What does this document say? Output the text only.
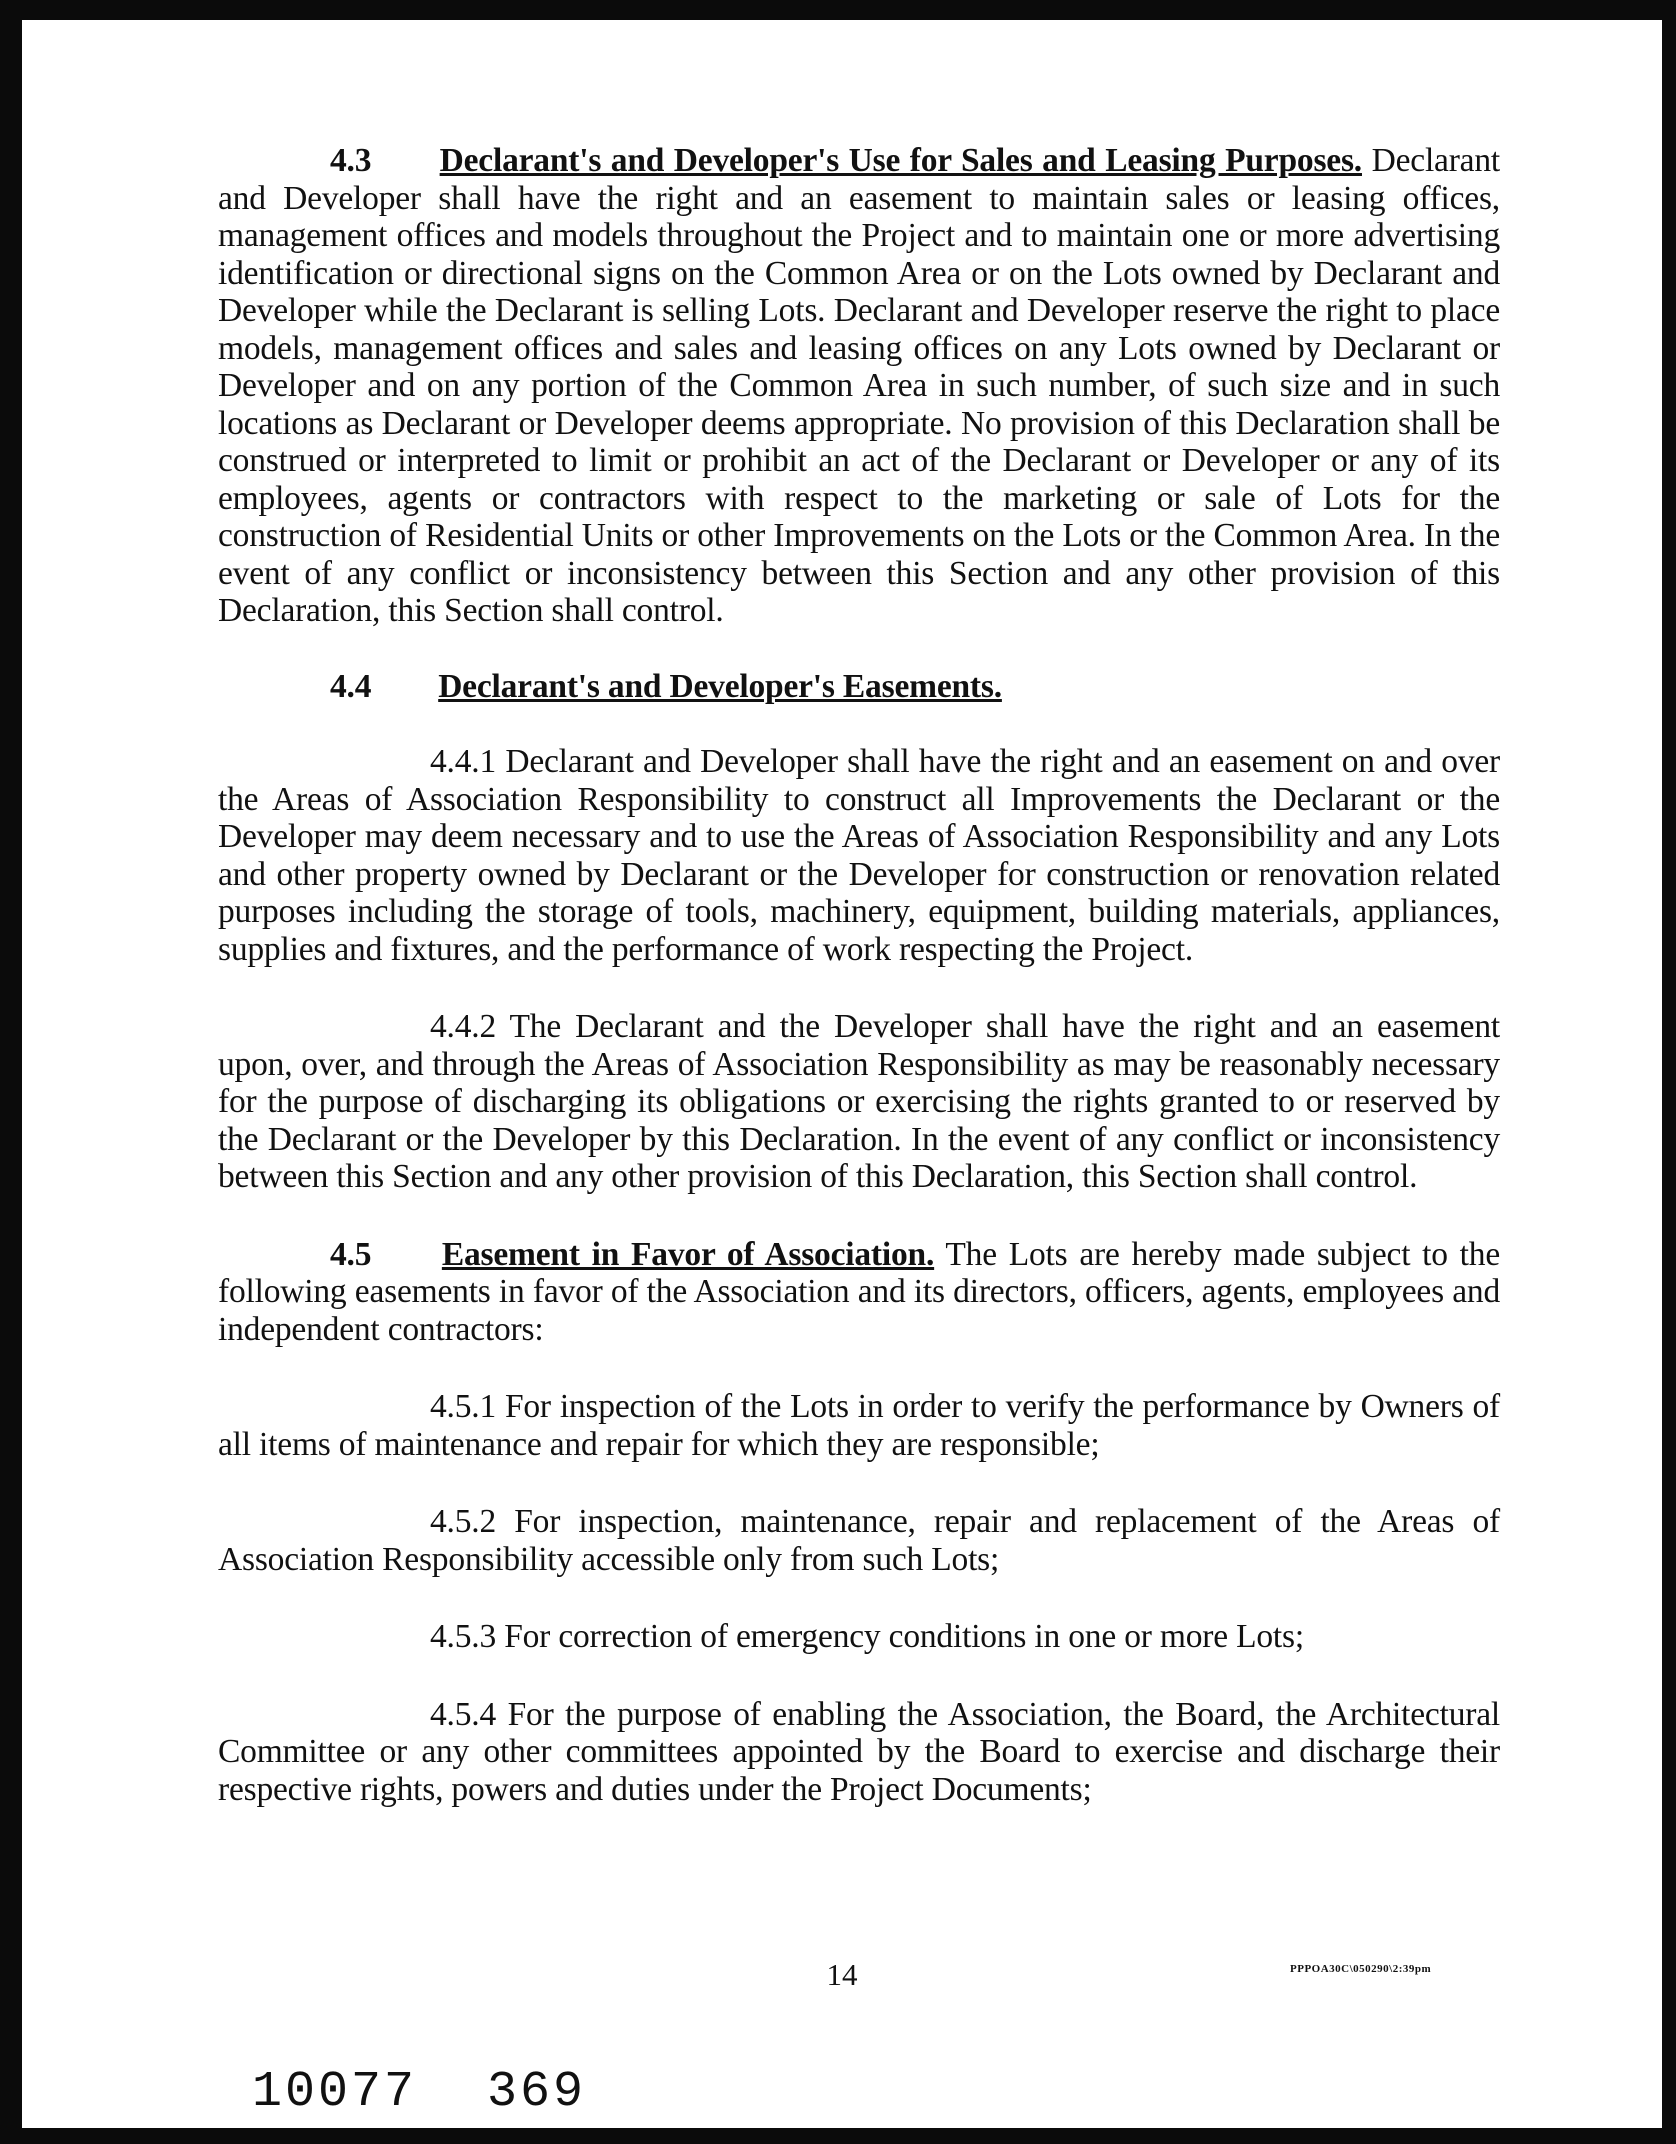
4.3 Declarant's and Developer's Use for Sales and Leasing Purposes. Declarant and Developer shall have the right and an easement to maintain sales or leasing offices, management offices and models throughout the Project and to maintain one or more advertising identification or directional signs on the Common Area or on the Lots owned by Declarant and Developer while the Declarant is selling Lots. Declarant and Developer reserve the right to place models, management offices and sales and leasing offices on any Lots owned by Declarant or Developer and on any portion of the Common Area in such number, of such size and in such locations as Declarant or Developer deems appropriate. No provision of this Declaration shall be construed or interpreted to limit or prohibit an act of the Declarant or Developer or any of its employees, agents or contractors with respect to the marketing or sale of Lots for the construction of Residential Units or other Improvements on the Lots or the Common Area. In the event of any conflict or inconsistency between this Section and any other provision of this Declaration, this Section shall control.

4.4 Declarant's and Developer's Easements.

4.4.1 Declarant and Developer shall have the right and an easement on and over the Areas of Association Responsibility to construct all Improvements the Declarant or the Developer may deem necessary and to use the Areas of Association Responsibility and any Lots and other property owned by Declarant or the Developer for construction or renovation related purposes including the storage of tools, machinery, equipment, building materials, appliances, supplies and fixtures, and the performance of work respecting the Project.

4.4.2 The Declarant and the Developer shall have the right and an easement upon, over, and through the Areas of Association Responsibility as may be reasonably necessary for the purpose of discharging its obligations or exercising the rights granted to or reserved by the Declarant or the Developer by this Declaration. In the event of any conflict or inconsistency between this Section and any other provision of this Declaration, this Section shall control.

4.5 Easement in Favor of Association. The Lots are hereby made subject to the following easements in favor of the Association and its directors, officers, agents, employees and independent contractors:

4.5.1 For inspection of the Lots in order to verify the performance by Owners of all items of maintenance and repair for which they are responsible;

4.5.2 For inspection, maintenance, repair and replacement of the Areas of Association Responsibility accessible only from such Lots;

4.5.3 For correction of emergency conditions in one or more Lots;

4.5.4 For the purpose of enabling the Association, the Board, the Architectural Committee or any other committees appointed by the Board to exercise and discharge their respective rights, powers and duties under the Project Documents;

14	PPPOA30C\050290\2:39pm
10077 369
